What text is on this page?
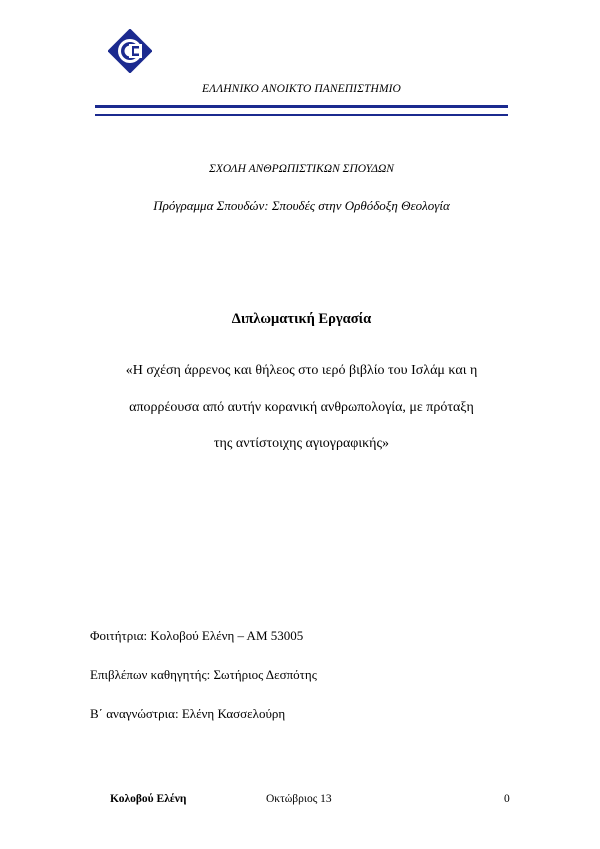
ΕΛΛΗΝΙΚΟ ΑΝΟΙΚΤΟ ΠΑΝΕΠΙΣΤΗΜΙΟ
ΣΧΟΛΗ ΑΝΘΡΩΠΙΣΤΙΚΩΝ ΣΠΟΥΔΩΝ
Πρόγραμμα Σπουδών: Σπουδές στην Ορθόδοξη Θεολογία
Διπλωματική Εργασία
«Η σχέση άρρενος και θήλεος στο ιερό βιβλίο του Ισλάμ και η
απορρέουσα από αυτήν κορανική ανθρωπολογία, με πρόταξη
της αντίστοιχης αγιογραφικής»
Φοιτήτρια: Κολοβού Ελένη – ΑΜ 53005
Επιβλέπων καθηγητής: Σωτήριος Δεσπότης
Β΄ αναγνώστρια: Ελένη Κασσελούρη
Κολοβού Ελένη	Οκτώβριος 13	0
